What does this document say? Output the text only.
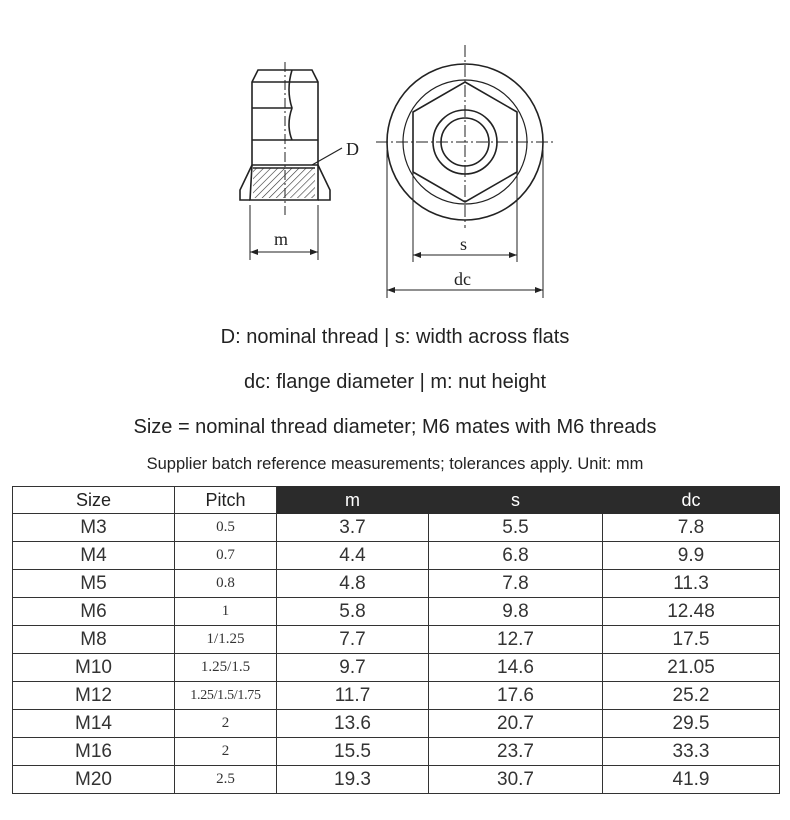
D
m	s
dc
D: nominal thread | s: width across flats
dc: flange diameter | m: nut height
Size = nominal thread diameter; M6 mates with M6 threads
Supplier batch reference measurements; tolerances apply. Unit: mm
Size	Pitch	m	s	dc
M3	0.5	3.7	5.5	7.8
M4	0.7	4.4	6.8	9.9
M5	0.8	4.8	7.8	11.3
M6	1	5.8	9.8	12.48
M8	1/1.25	7.7	12.7	17.5
M10	1.25/1.5	9.7	14.6	21.05
M12	1.25/1.5/1.75	11.7	17.6	25.2
M14	2	13.6	20.7	29.5
M16	2	15.5	23.7	33.3
M20	2.5	19.3	30.7	41.9
